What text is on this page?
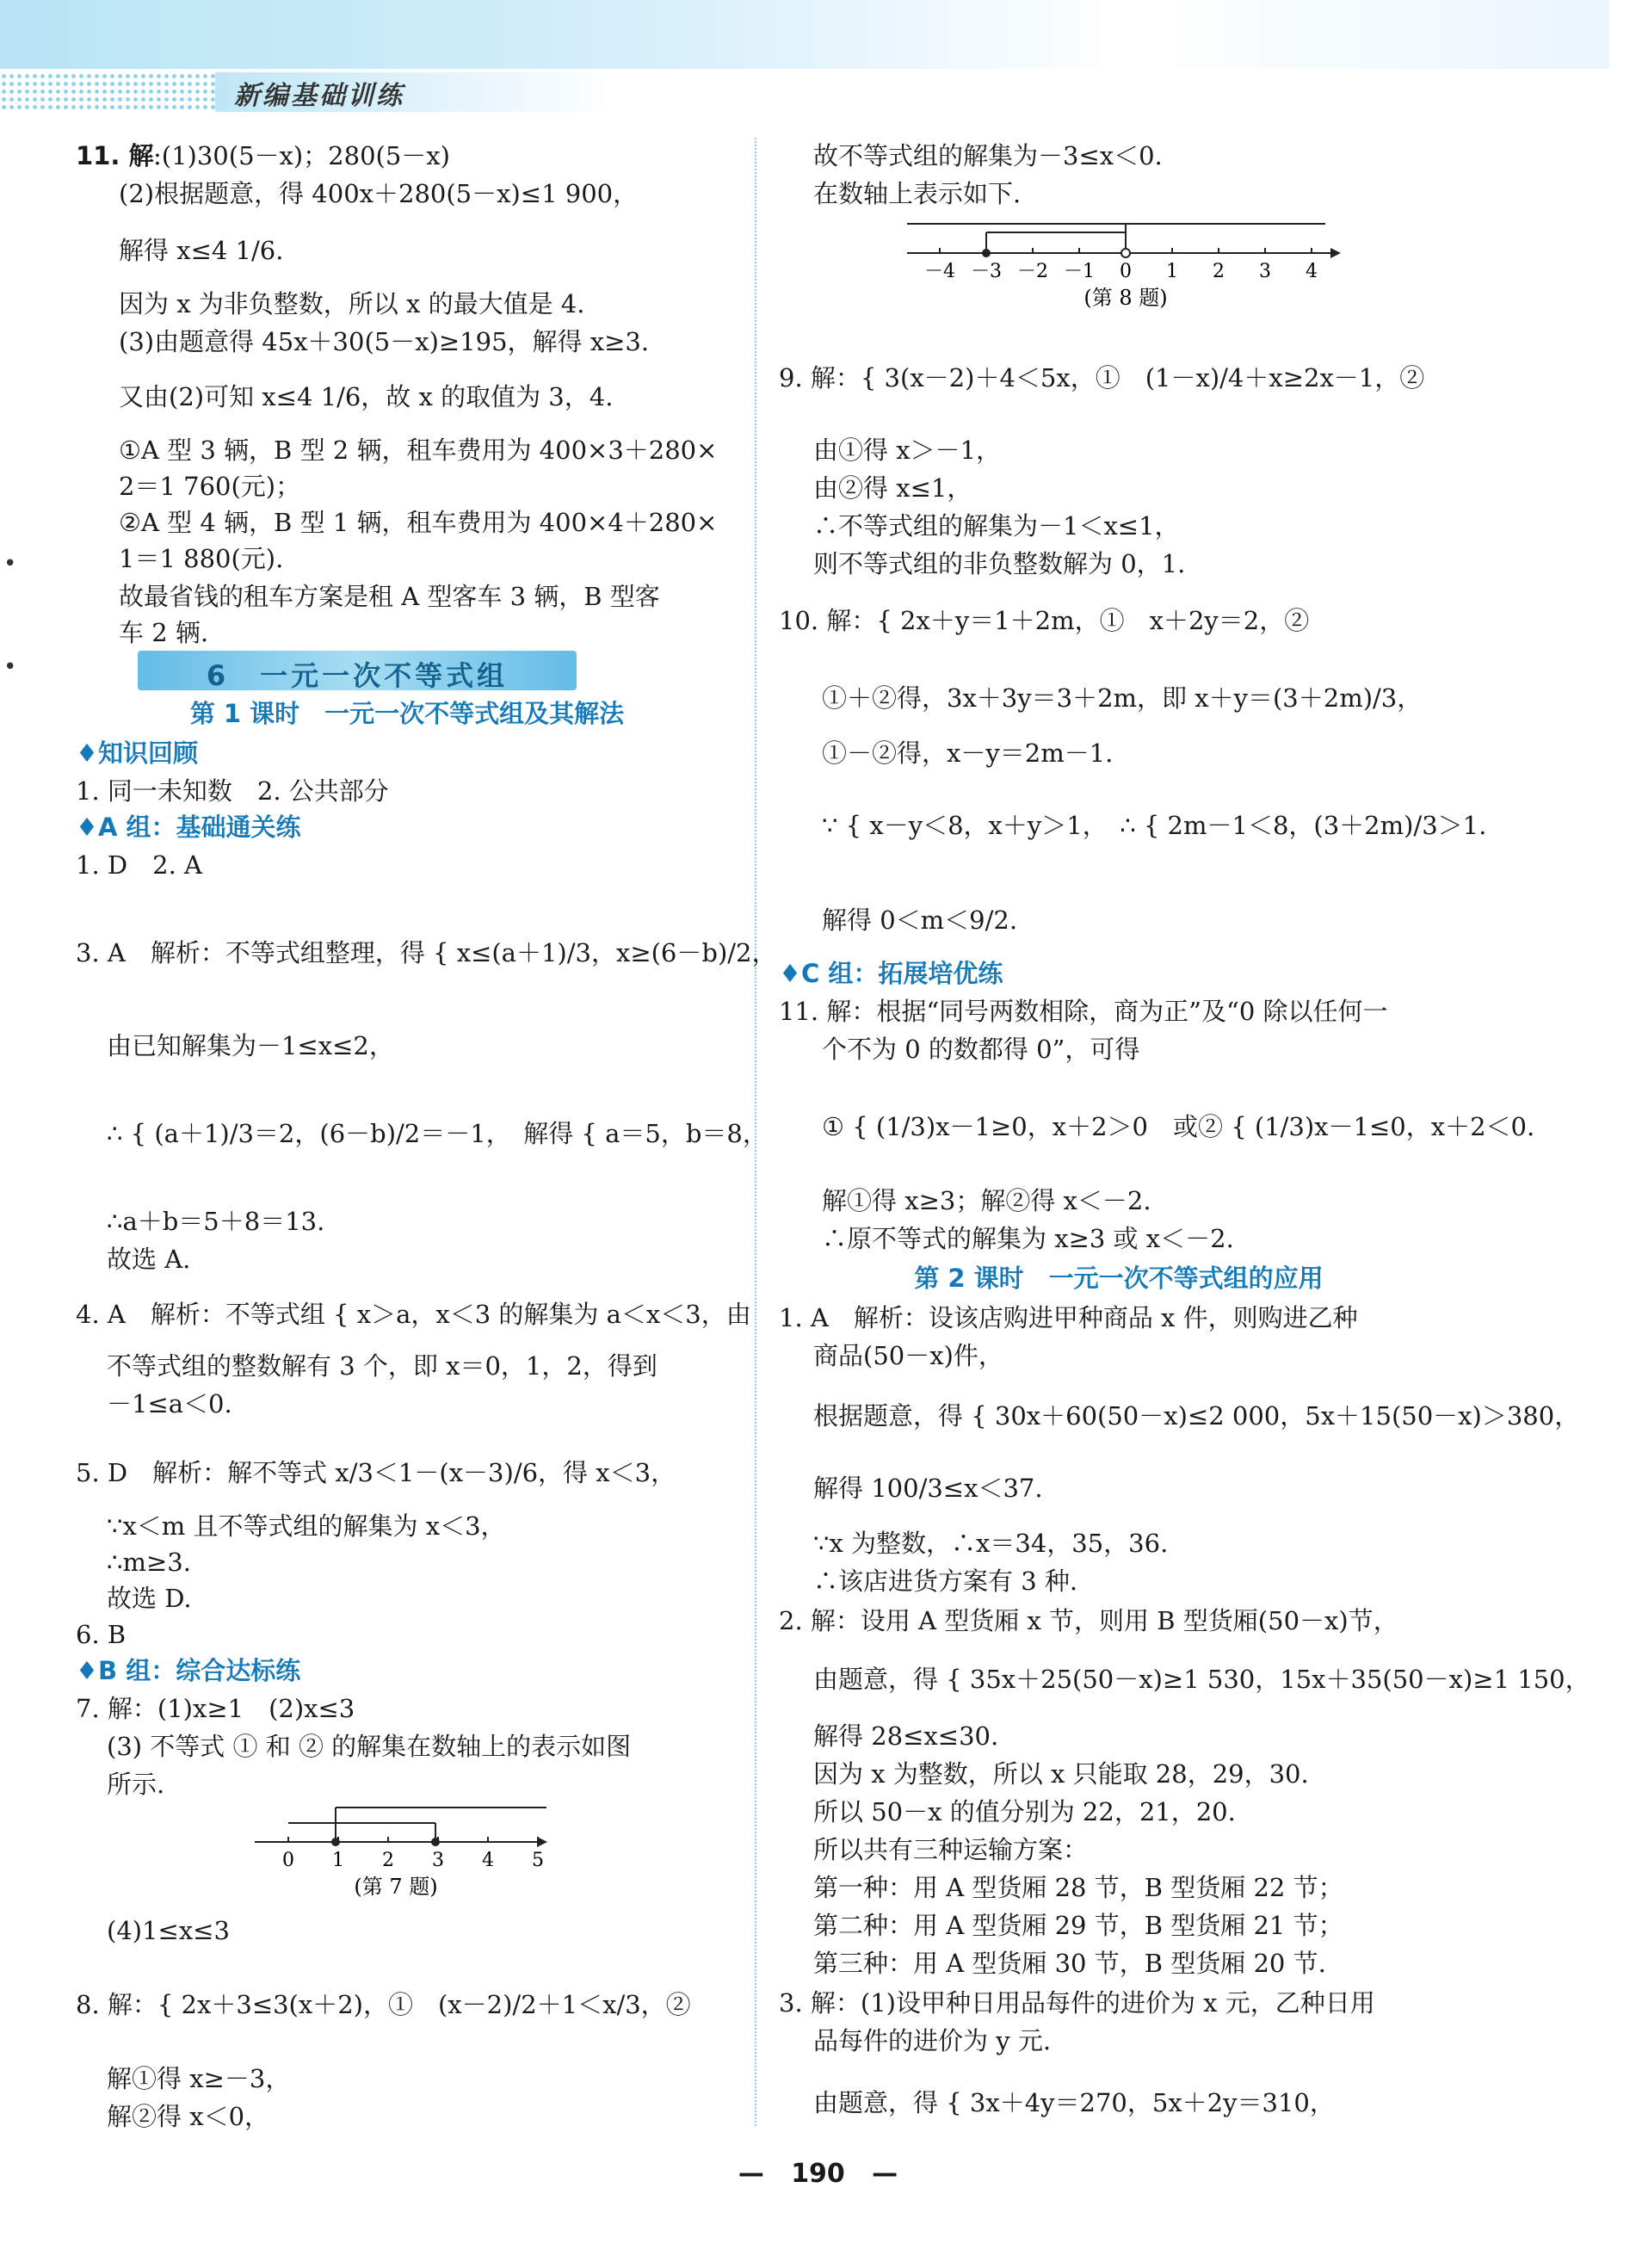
新编基础训练
•
•
11. 解 :(1)30(5－x)；280(5－x)
(2)根据题意，得 400x＋280(5－x)≤1 900，
解得 x≤4 1/6.
因为 x 为非负整数，所以 x 的最大值是 4.
(3)由题意得 45x＋30(5－x)≥195，解得 x≥3.
又由(2)可知 x≤4 1/6，故 x 的取值为 3，4.
①A 型 3 辆，B 型 2 辆，租车费用为 400×3＋280×
2＝1 760(元)；
②A 型 4 辆，B 型 1 辆，租车费用为 400×4＋280×
1＝1 880(元).
故最省钱的租车方案是租 A 型客车 3 辆，B 型客
车 2 辆.
6　一元一次不等式组
第 1 课时　一元一次不等式组及其解法
♦知识回顾
1. 同一未知数　2. 公共部分
♦A 组：基础通关练
1. D　2. A
3. A　解析：不等式组整理，得 { x≤(a＋1)/3，x≥(6－b)/2，
由已知解集为－1≤x≤2，
∴ { (a＋1)/3＝2，(6－b)/2＝－1，　解得 { a＝5，b＝8，
∴a＋b＝5＋8＝13.
故选 A.
4. A　解析：不等式组 { x＞a，x＜3 的解集为 a＜x＜3，由
不等式组的整数解有 3 个，即 x＝0，1，2，得到
－1≤a＜0.
5. D　解析：解不等式 x/3＜1－(x－3)/6，得 x＜3，
∵x＜m 且不等式组的解集为 x＜3，
∴m≥3.
故选 D.
6. B
♦B 组：综合达标练
7. 解：(1)x≥1　(2)x≤3
(3) 不等式 ① 和 ② 的解集在数轴上的表示如图
所示.
0 1 2 3 4 5
(第 7 题)
(4)1≤x≤3
8. 解：{ 2x＋3≤3(x＋2)，①　(x－2)/2＋1＜x/3，②
解①得 x≥－3，
解②得 x＜0，
故不等式组的解集为－3≤x＜0.
在数轴上表示如下.
－4 －3 －2 －1 0 1 2 3 4
(第 8 题)
9. 解：{ 3(x－2)＋4＜5x，①　(1－x)/4＋x≥2x－1，②
由①得 x＞－1，
由②得 x≤1，
∴不等式组的解集为－1＜x≤1，
则不等式组的非负整数解为 0，1.
10. 解：{ 2x＋y＝1＋2m，①　x＋2y＝2，②
①＋②得，3x＋3y＝3＋2m，即 x＋y＝(3＋2m)/3，
①－②得，x－y＝2m－1.
∵ { x－y＜8，x＋y＞1，　∴ { 2m－1＜8，(3＋2m)/3＞1.
解得 0＜m＜9/2.
♦C 组：拓展培优练
11. 解：根据“同号两数相除，商为正”及“0 除以任何一
个不为 0 的数都得 0”，可得
① { (1/3)x－1≥0，x＋2＞0　或② { (1/3)x－1≤0，x＋2＜0.
解①得 x≥3；解②得 x＜－2.
∴原不等式的解集为 x≥3 或 x＜－2.
第 2 课时　一元一次不等式组的应用
1. A　解析：设该店购进甲种商品 x 件，则购进乙种
商品(50－x)件，
根据题意，得 { 30x＋60(50－x)≤2 000，5x＋15(50－x)＞380，
解得 100/3≤x＜37.
∵x 为整数，∴x＝34，35，36.
∴该店进货方案有 3 种.
2. 解：设用 A 型货厢 x 节，则用 B 型货厢(50－x)节，
由题意，得 { 35x＋25(50－x)≥1 530，15x＋35(50－x)≥1 150，
解得 28≤x≤30.
因为 x 为整数，所以 x 只能取 28，29，30.
所以 50－x 的值分别为 22，21，20.
所以共有三种运输方案：
第一种：用 A 型货厢 28 节，B 型货厢 22 节；
第二种：用 A 型货厢 29 节，B 型货厢 21 节；
第三种：用 A 型货厢 30 节，B 型货厢 20 节.
3. 解：(1)设甲种日用品每件的进价为 x 元，乙种日用
品每件的进价为 y 元.
由题意，得 { 3x＋4y＝270，5x＋2y＝310，
— 190 —
